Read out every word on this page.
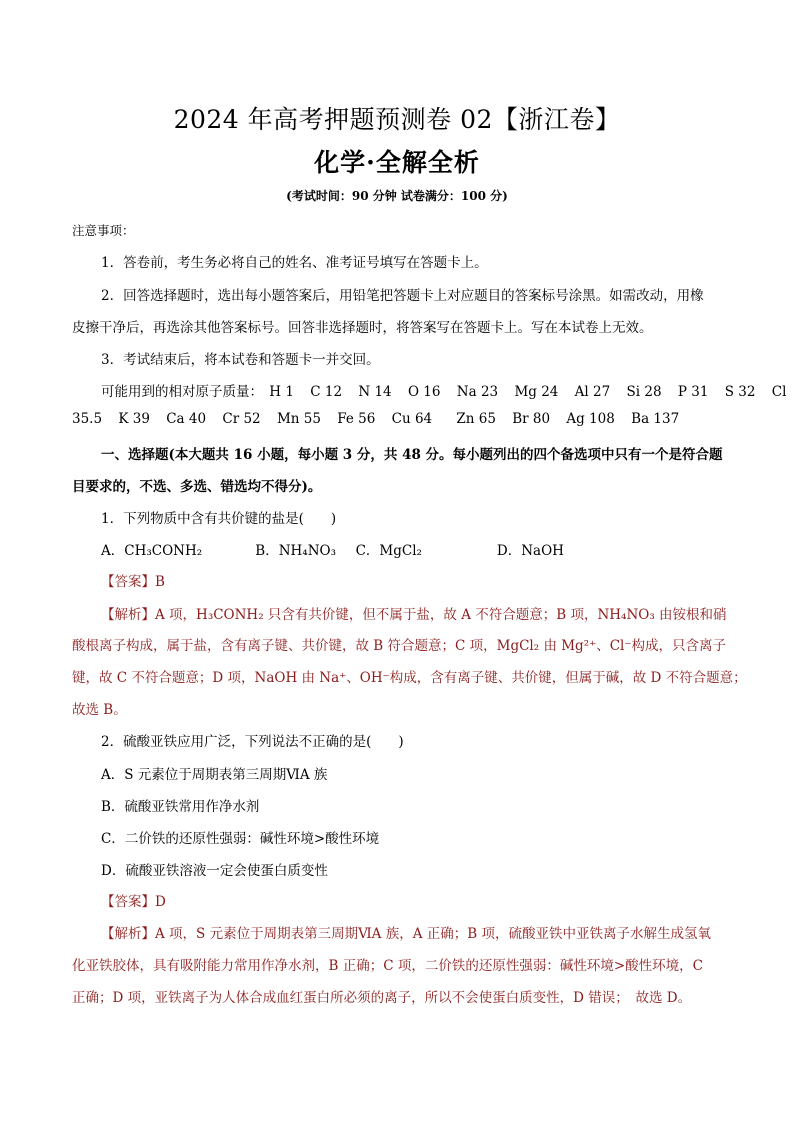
2024 年高考押题预测卷 02【浙江卷】
化学·全解全析
(考试时间：90 分钟 试卷满分：100 分)
注意事项：
1．答卷前，考生务必将自己的姓名、准考证号填写在答题卡上。
2．回答选择题时，选出每小题答案后，用铅笔把答题卡上对应题目的答案标号涂黑。如需改动，用橡
皮擦干净后，再选涂其他答案标号。回答非选择题时，将答案写在答题卡上。写在本试卷上无效。
3．考试结束后，将本试卷和答题卡一并交回。
可能用到的相对原子质量： H 1 C 12 N 14 O 16 Na 23 Mg 24 Al 27 Si 28 P 31 S 32 Cl
35.5 K 39 Ca 40 Cr 52 Mn 55 Fe 56 Cu 64 Zn 65 Br 80 Ag 108 Ba 137
一、选择题(本大题共 16 小题，每小题 3 分，共 48 分。每小题列出的四个备选项中只有一个是符合题
目要求的，不选、多选、错选均不得分)。
1．下列物质中含有共价键的盐是(　　)
A．CH₃CONH₂	B．NH₄NO₃ C．MgCl₂	D．NaOH
【答案】B
【解析】A 项，H₃CONH₂ 只含有共价键，但不属于盐，故 A 不符合题意；B 项，NH₄NO₃ 由铵根和硝
酸根离子构成，属于盐，含有离子键、共价键，故 B 符合题意；C 项，MgCl₂ 由 Mg²⁺、Cl⁻构成，只含离子
键，故 C 不符合题意；D 项，NaOH 由 Na⁺、OH⁻构成，含有离子键、共价键，但属于碱，故 D 不符合题意；
故选 B。
2．硫酸亚铁应用广泛，下列说法不正确的是(　　)
A．S 元素位于周期表第三周期ⅥA 族
B．硫酸亚铁常用作净水剂
C．二价铁的还原性强弱：碱性环境>酸性环境
D．硫酸亚铁溶液一定会使蛋白质变性
【答案】D
【解析】A 项，S 元素位于周期表第三周期ⅥA 族，A 正确；B 项，硫酸亚铁中亚铁离子水解生成氢氧
化亚铁胶体，具有吸附能力常用作净水剂，B 正确；C 项，二价铁的还原性强弱：碱性环境>酸性环境，C
正确；D 项，亚铁离子为人体合成血红蛋白所必须的离子，所以不会使蛋白质变性，D 错误；　故选 D。
